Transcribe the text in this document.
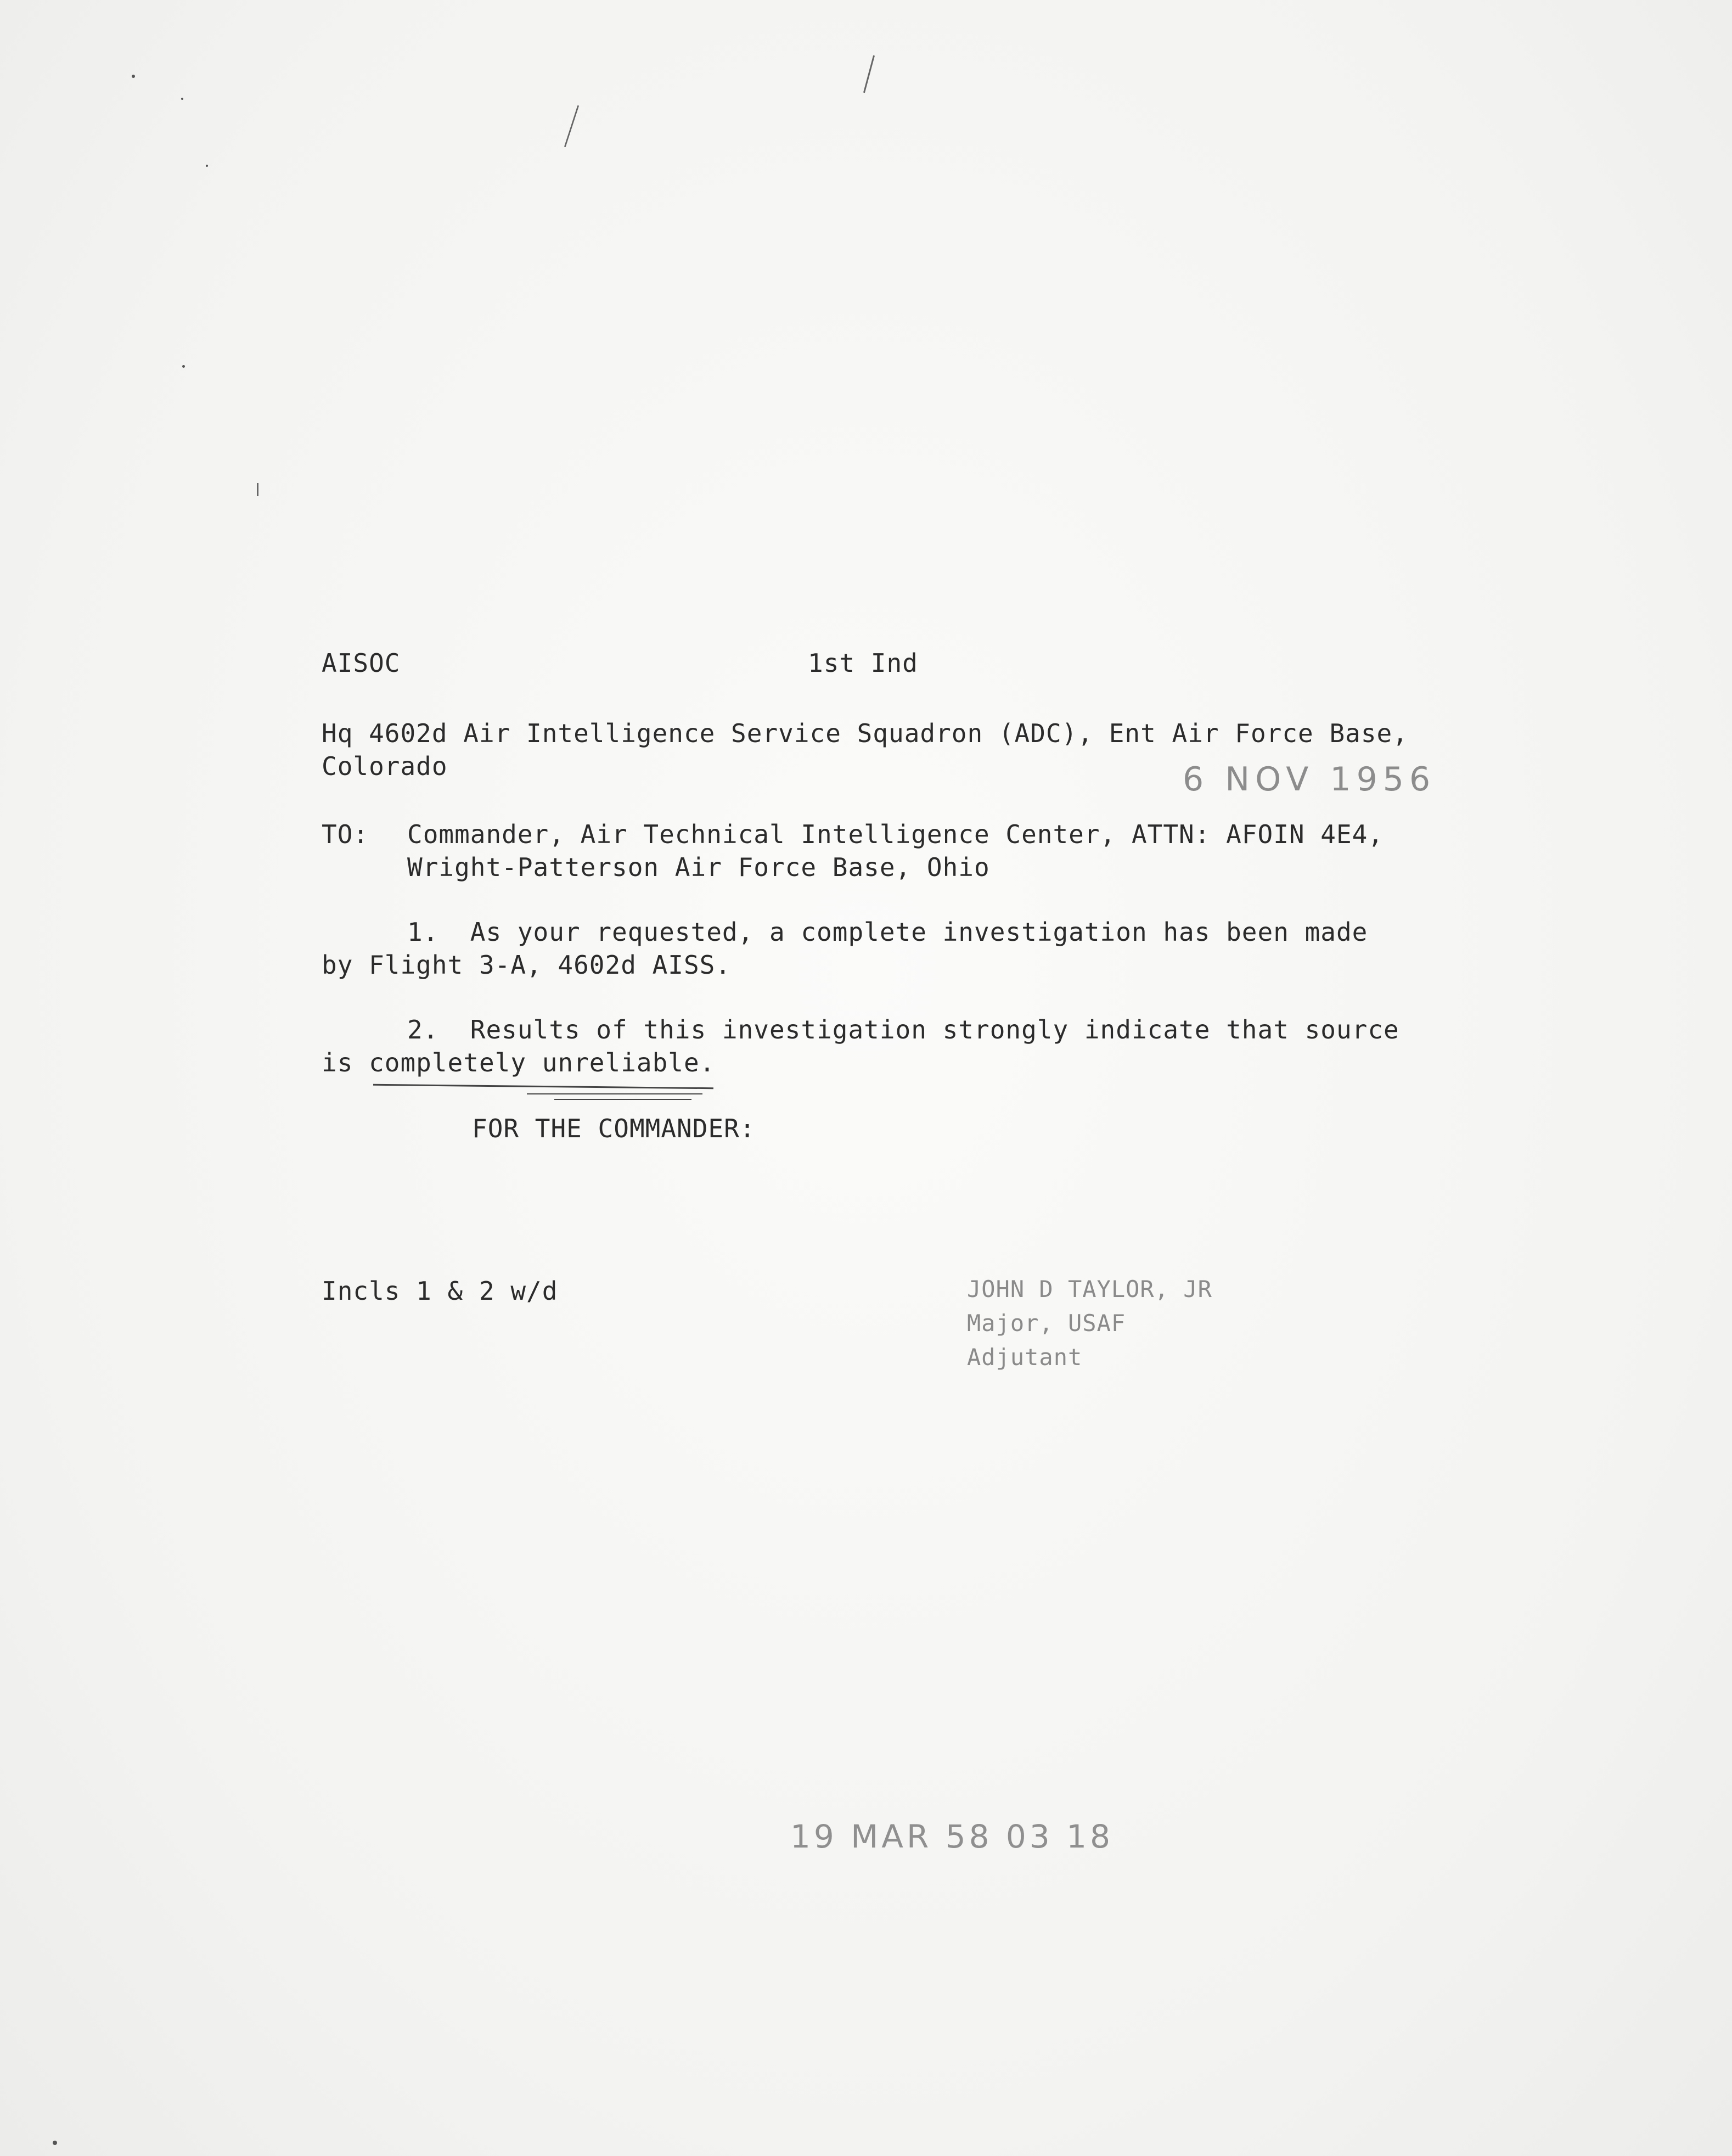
AISOC	1st Ind
Hq 4602d Air Intelligence Service Squadron (ADC), Ent Air Force Base,
Colorado	6 NOV 1956
TO: Commander, Air Technical Intelligence Center, ATTN: AFOIN 4E4,
Wright-Patterson Air Force Base, Ohio
1.  As your requested, a complete investigation has been made
by Flight 3-A, 4602d AISS.
2.  Results of this investigation strongly indicate that source
is completely unreliable.
FOR THE COMMANDER:
Incls 1 & 2 w/d	JOHN D TAYLOR, JR
Major, USAF
Adjutant
19 MAR 58 03 18
